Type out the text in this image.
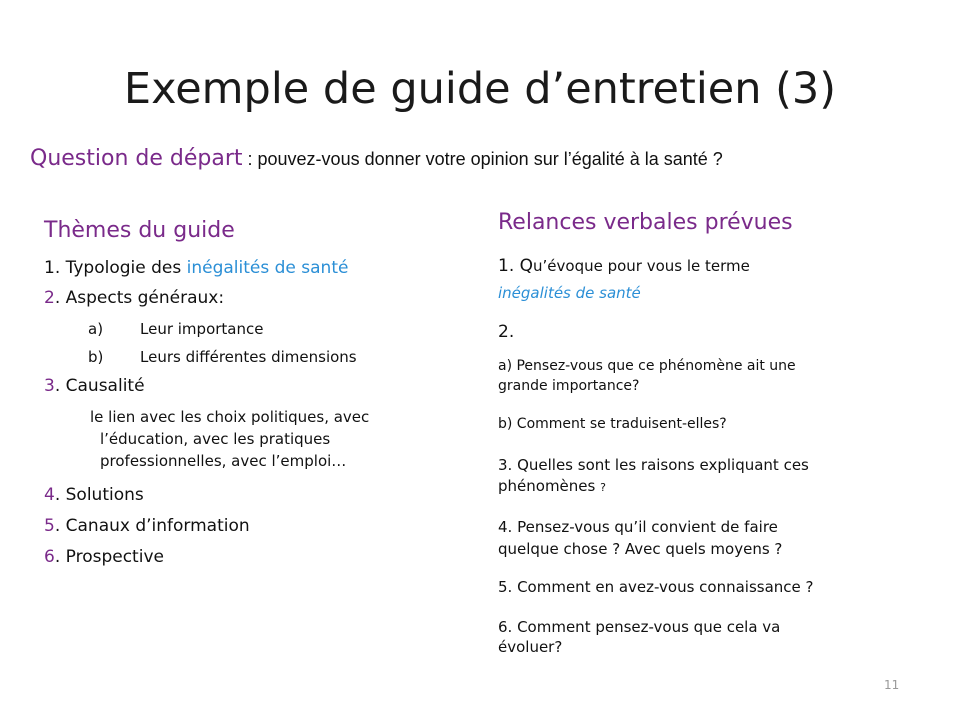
Exemple de guide d’entretien (3)
Question de départ : pouvez-vous donner votre opinion sur l’égalité à la santé ?
Thèmes du guide
1. Typologie des inégalités de santé
2. Aspects généraux:
a) Leur importance
b) Leurs différentes dimensions
3. Causalité
le lien avec les choix politiques, avec
l’éducation, avec les pratiques
professionnelles, avec l’emploi…
4. Solutions
5. Canaux d’information
6. Prospective
Relances verbales prévues
1. Qu’évoque pour vous le terme
inégalités de santé
2.
a) Pensez-vous que ce phénomène ait une
grande importance?
b) Comment se traduisent-elles?
3. Quelles sont les raisons expliquant ces
phénomènes ?
4. Pensez-vous qu’il convient de faire
quelque chose ? Avec quels moyens ?
5. Comment en avez-vous connaissance ?
6. Comment pensez-vous que cela va
évoluer?
11
